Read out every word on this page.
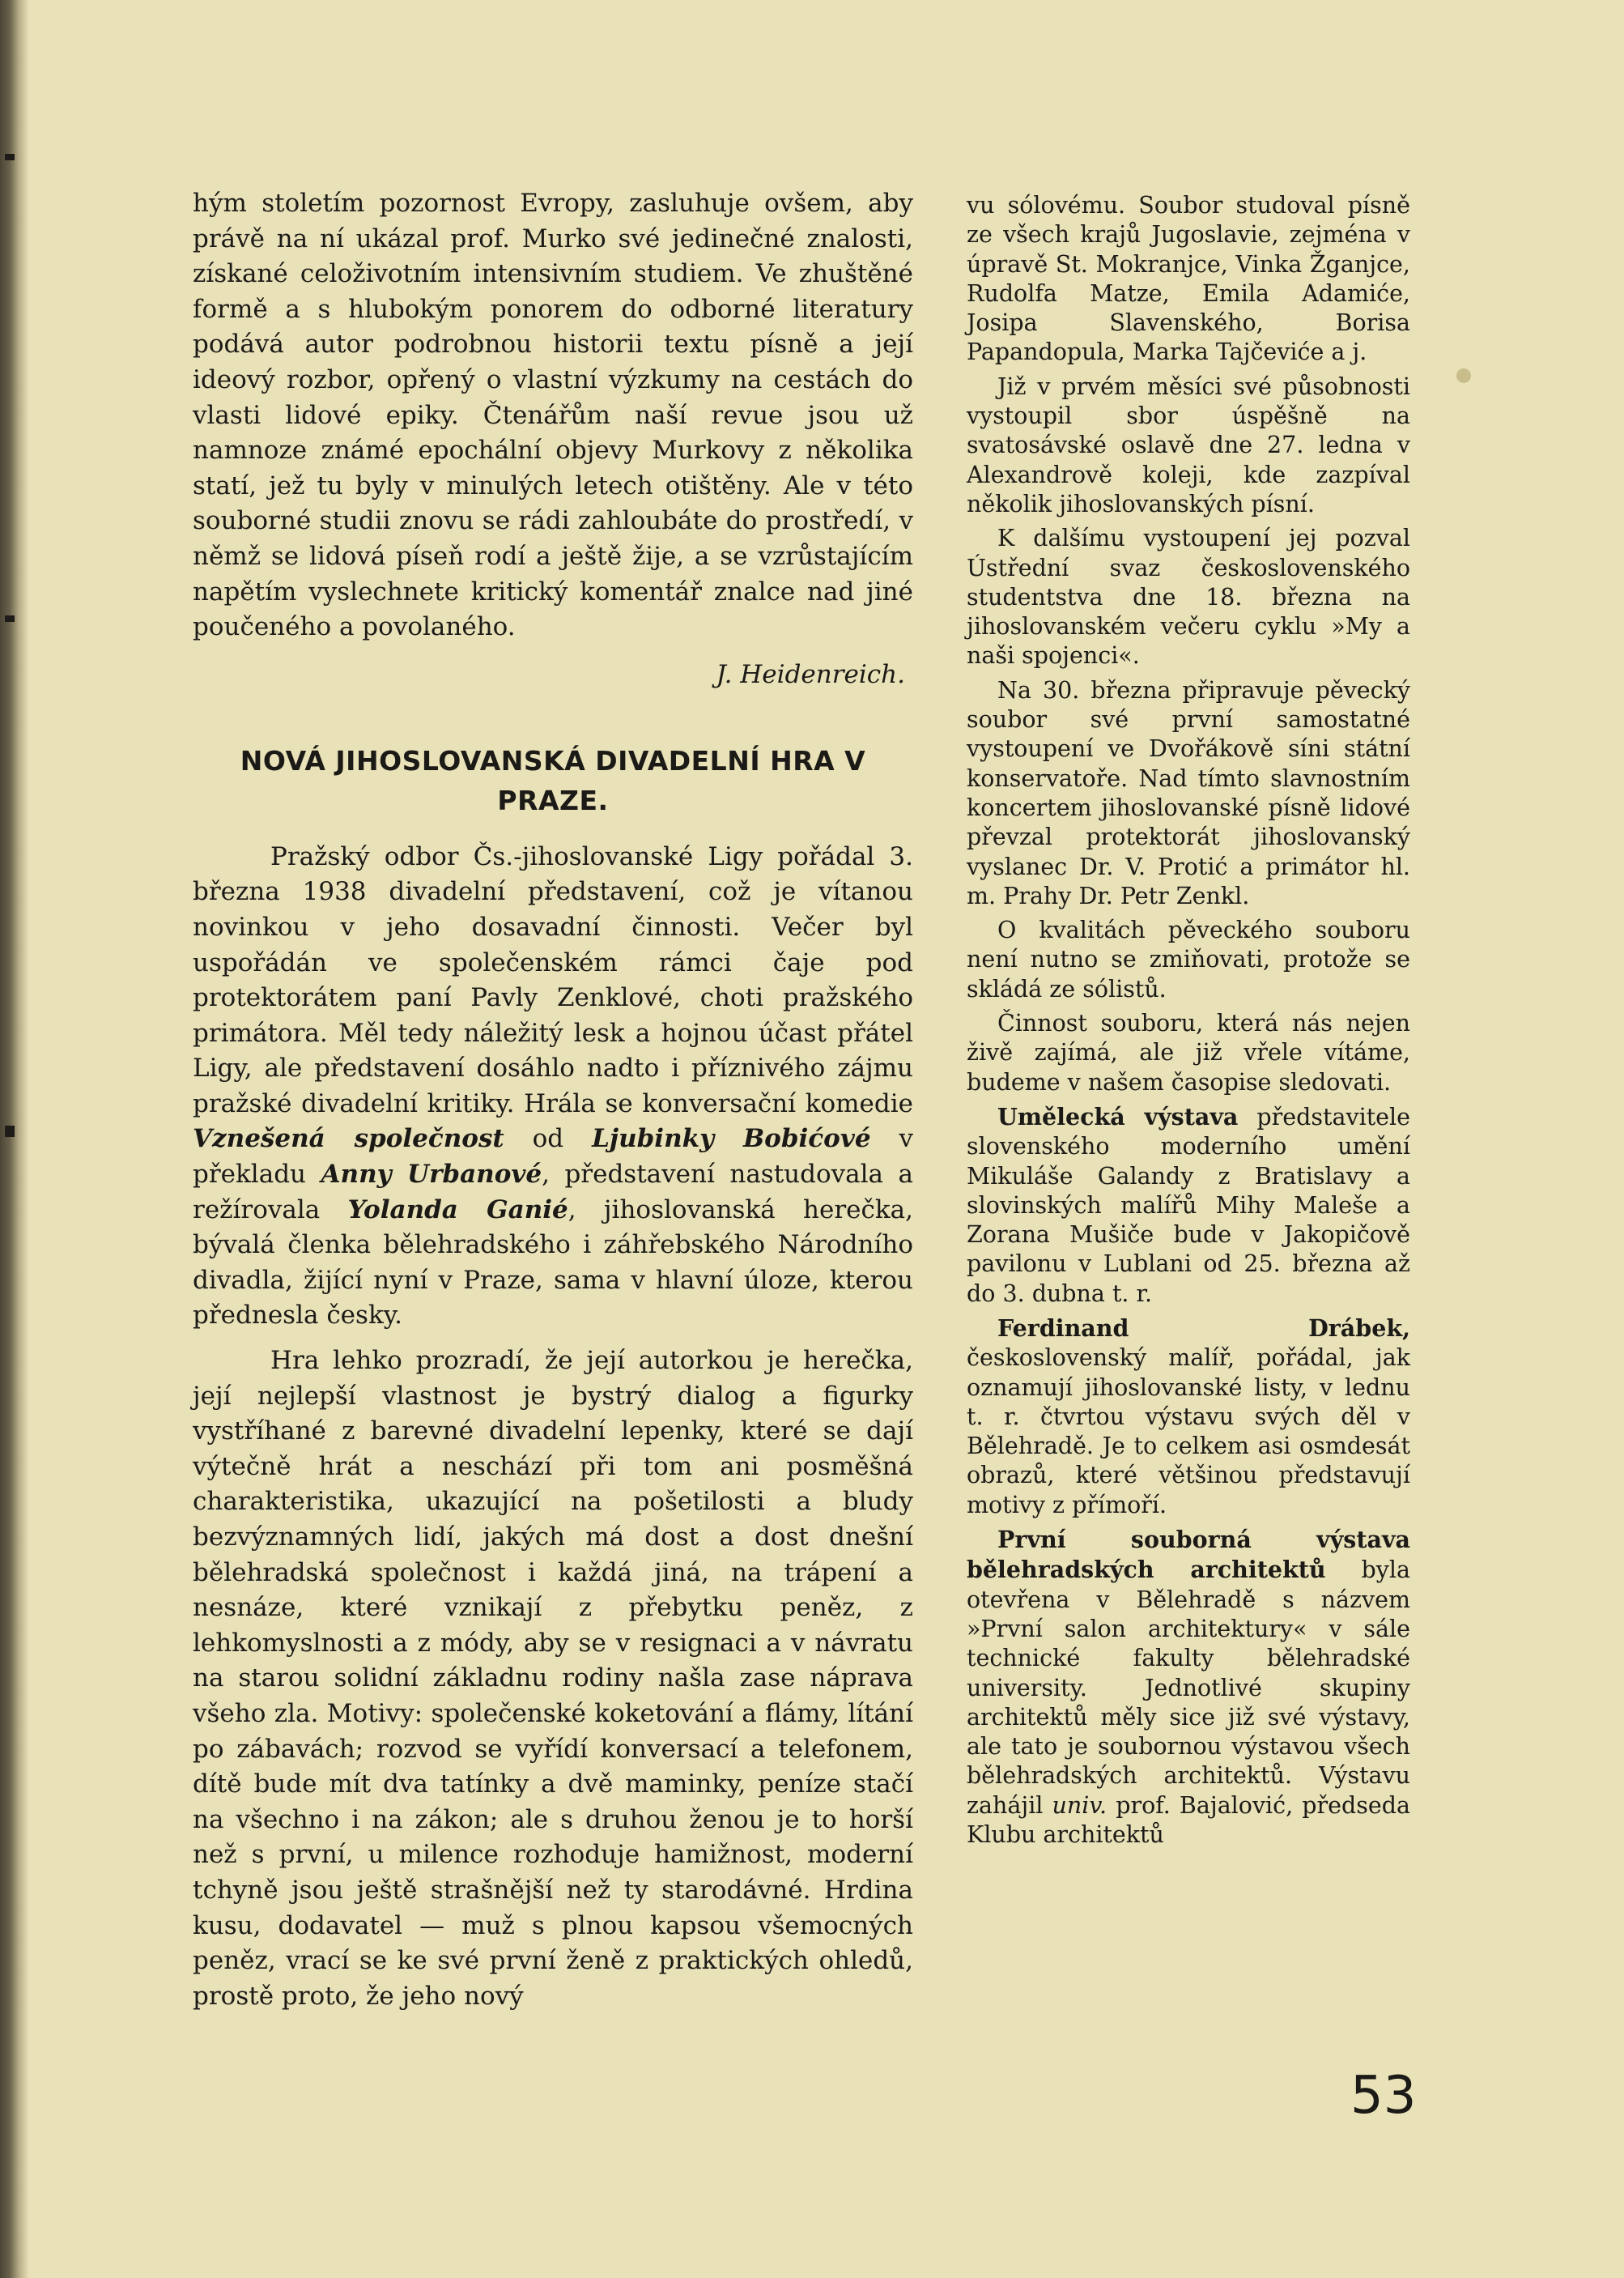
hým stoletím pozornost Evropy, zasluhuje ovšem, aby právě na ní ukázal prof. Murko své jedinečné znalosti, získané celoživotním intensivním studiem. Ve zhuštěné formě a s hlubokým ponorem do odborné literatury podává autor podrobnou historii textu písně a její ideový rozbor, opřený o vlastní výzkumy na cestách do vlasti lidové epiky. Čtenářům naší revue jsou už namnoze známé epochální objevy Murkovy z několika statí, jež tu byly v minulých letech otištěny. Ale v této souborné studii znovu se rádi zahloubáte do prostředí, v němž se lidová píseň rodí a ještě žije, a se vzrůstajícím napětím vyslechnete kritický komentář znalce nad jiné poučeného a povolaného.

J. Heidenreich.

NOVÁ JIHOSLOVANSKÁ DIVADELNÍ HRA V PRAZE.

Pražský odbor Čs.-jihoslovanské Ligy pořádal 3. března 1938 divadelní představení, což je vítanou novinkou v jeho dosavadní činnosti. Večer byl uspořádán ve společenském rámci čaje pod protektorátem paní Pavly Zenklové, choti pražského primátora. Měl tedy náležitý lesk a hojnou účast přátel Ligy, ale představení dosáhlo nadto i příznivého zájmu pražské divadelní kritiky. Hrála se konversační komedie Vznešená společnost od Ljubinky Bobićové v překladu Anny Urbanové, představení nastudovala a režírovala Yolanda Ganié, jihoslovanská herečka, bývalá členka bělehradského i záhřebského Národního divadla, žijící nyní v Praze, sama v hlavní úloze, kterou přednesla česky.

Hra lehko prozradí, že její autorkou je herečka, její nejlepší vlastnost je bystrý dialog a figurky vystříhané z barevné divadelní lepenky, které se dají výtečně hrát a neschází při tom ani posměšná charakteristika, ukazující na pošetilosti a bludy bezvýznamných lidí, jakých má dost a dost dnešní bělehradská společnost i každá jiná, na trápení a nesnáze, které vznikají z přebytku peněz, z lehkomyslnosti a z módy, aby se v resignaci a v návratu na starou solidní základnu rodiny našla zase náprava všeho zla. Motivy: společenské koketování a flámy, lítání po zábavách; rozvod se vyřídí konversací a telefonem, dítě bude mít dva tatínky a dvě maminky, peníze stačí na všechno i na zákon; ale s druhou ženou je to horší než s první, u milence rozhoduje hamižnost, moderní tchyně jsou ještě strašnější než ty starodávné. Hrdina kusu, dodavatel — muž s plnou kapsou všemocných peněz, vrací se ke své první ženě z praktických ohledů, prostě proto, že jeho nový

vu sólovému. Soubor studoval písně ze všech krajů Jugoslavie, zejména v úpravě St. Mokranjce, Vinka Žganjce, Rudolfa Matze, Emila Adamiće, Josipa Slavenského, Borisa Papandopula, Marka Tajčeviće a j.

Již v prvém měsíci své působnosti vystoupil sbor úspěšně na svatosávské oslavě dne 27. ledna v Alexandrově koleji, kde zazpíval několik jihoslovanských písní.

K dalšímu vystoupení jej pozval Ústřední svaz československého studentstva dne 18. března na jihoslovanském večeru cyklu »My a naši spojenci«.

Na 30. března připravuje pěvecký soubor své první samostatné vystoupení ve Dvořákově síni státní konservatoře. Nad tímto slavnostním koncertem jihoslovanské písně lidové převzal protektorát jihoslovanský vyslanec Dr. V. Protić a primátor hl. m. Prahy Dr. Petr Zenkl.

O kvalitách pěveckého souboru není nutno se zmiňovati, protože se skládá ze sólistů.

Činnost souboru, která nás nejen živě zajímá, ale již vřele vítáme, budeme v našem časopise sledovati.

Umělecká výstava představitele slovenského moderního umění Mikuláše Galandy z Bratislavy a slovinských malířů Mihy Maleše a Zorana Mušiče bude v Jakopičově pavilonu v Lublani od 25. března až do 3. dubna t. r.

Ferdinand Drábek, československý malíř, pořádal, jak oznamují jihoslovanské listy, v lednu t. r. čtvrtou výstavu svých děl v Bělehradě. Je to celkem asi osmdesát obrazů, které většinou představují motivy z přímoří.

První souborná výstava bělehradských architektů byla otevřena v Bělehradě s názvem »První salon architektury« v sále technické fakulty bělehradské university. Jednotlivé skupiny architektů měly sice již své výstavy, ale tato je soubornou výstavou všech bělehradských architektů. Výstavu zahájil univ. prof. Bajalović, předseda Klubu architektů

53
